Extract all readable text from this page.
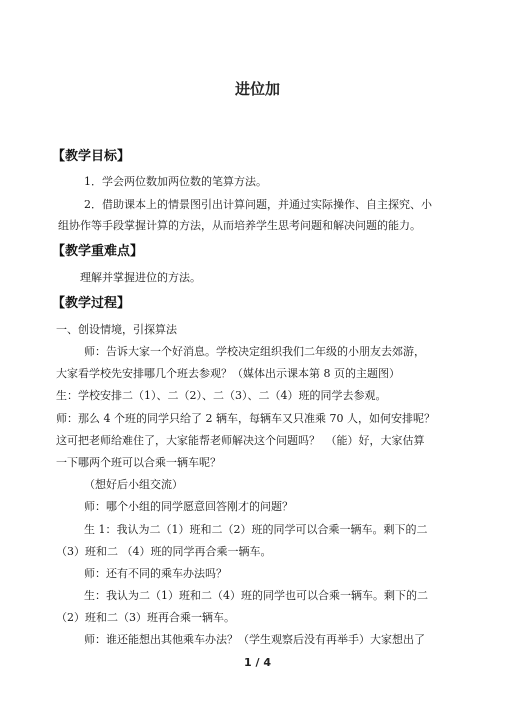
进位加
【教学目标】
1．学会两位数加两位数的笔算方法。
2．借助课本上的情景图引出计算问题，并通过实际操作、自主探究、小
组协作等手段掌握计算的方法，从而培养学生思考问题和解决问题的能力。
【教学重难点】
理解并掌握进位的方法。
【教学过程】
一、创设情境，引探算法
师：告诉大家一个好消息。学校决定组织我们二年级的小朋友去郊游，
大家看学校先安排哪几个班去参观？（媒体出示课本第 8 页的主题图）
生：学校安排二（1）、二（2）、二（3）、二（4）班的同学去参观。
师：那么 4 个班的同学只给了 2 辆车，每辆车又只准乘 70 人，如何安排呢？
这可把老师给难住了，大家能帮老师解决这个问题吗？　（能）好，大家估算
一下哪两个班可以合乘一辆车呢？
（想好后小组交流）
师：哪个小组的同学愿意回答刚才的问题？
生 1：我认为二（1）班和二（2）班的同学可以合乘一辆车。剩下的二
（3）班和二 （4）班的同学再合乘一辆车。
师：还有不同的乘车办法吗？
生：我认为二（1）班和二（4）班的同学也可以合乘一辆车。剩下的二
（2）班和二（3）班再合乘一辆车。
师：谁还能想出其他乘车办法？（学生观察后没有再举手）大家想出了
1 / 4
